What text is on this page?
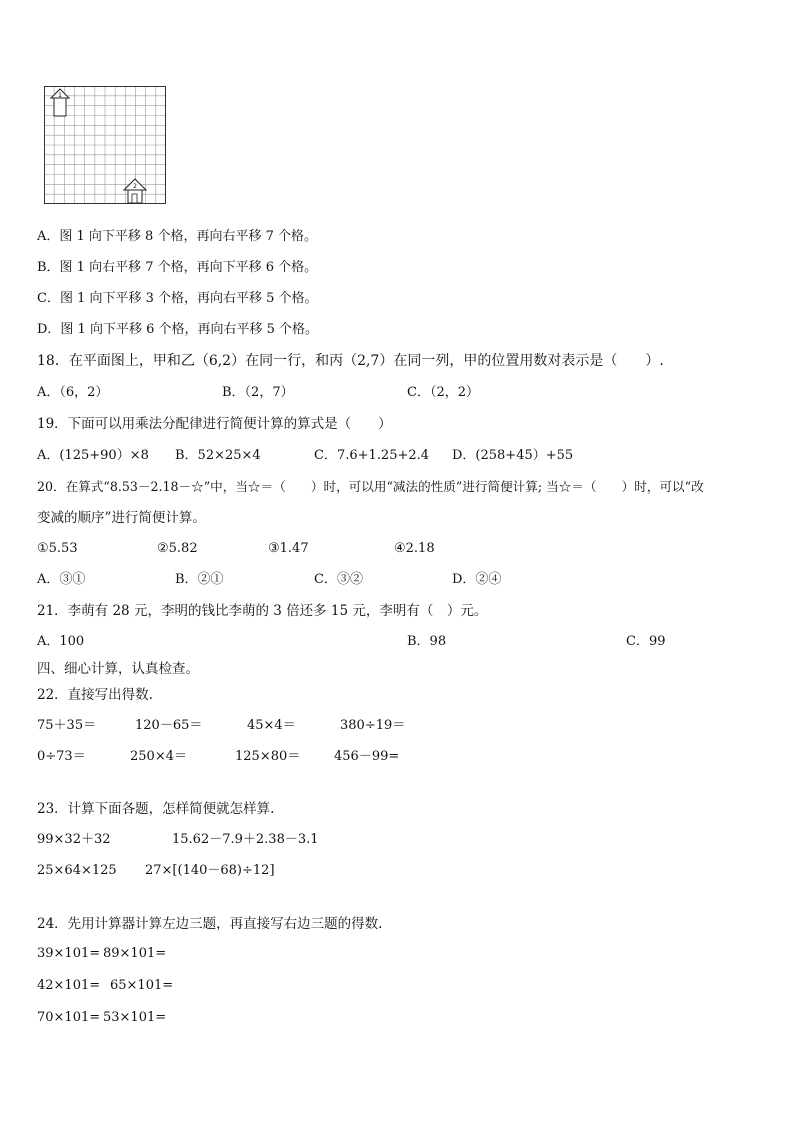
1
2
A．图 1 向下平移 8 个格，再向右平移 7 个格。
B．图 1 向右平移 7 个格，再向下平移 6 个格。
C．图 1 向下平移 3 个格，再向右平移 5 个格。
D．图 1 向下平移 6 个格，再向右平移 5 个格。
18．在平面图上，甲和乙（6,2）在同一行，和丙（2,7）在同一列，甲的位置用数对表示是（　　）.
A．（6，2）	B．（2，7）	C．（2，2）
19．下面可以用乘法分配律进行简便计算的算式是（　　）
A．(125+90）×8 B．52×25×4	C．7.6+1.25+2.4 D．(258+45）+55
20．在算式“8.53－2.18－☆”中，当☆＝（　　）时，可以用“减法的性质”进行简便计算; 当☆＝（　　）时，可以“改
变减的顺序”进行简便计算。
①5.53	②5.82	③1.47	④2.18
A．③①	B．②①	C．③②	D．②④
21．李萌有 28 元，李明的钱比李萌的 3 倍还多 15 元，李明有（　）元。
A．100	B．98	C．99
四、细心计算，认真检查。
22．直接写出得数.
75＋35＝	120－65＝	45×4＝	380÷19＝
0÷73＝	250×4＝	125×80＝	456－99=
23．计算下面各题，怎样简便就怎样算.
99×32＋32	15.62－7.9＋2.38－3.1
25×64×125 27×[(140－68)÷12]
24．先用计算器计算左边三题，再直接写右边三题的得数.
39×101= 89×101=
42×101= 65×101=
70×101= 53×101=
